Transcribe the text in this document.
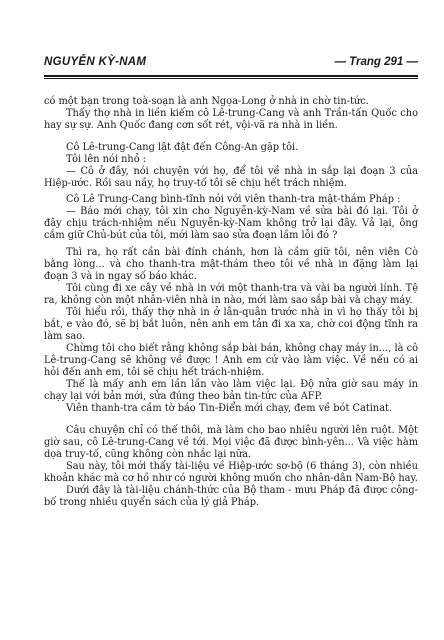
NGUYỄN KỲ-NAM	— Trang 291 —

có một bạn trong toà-soạn là anh Ngọa-Long ở nhà in chờ tin-tức.

Thấy thợ nhà in liền kiếm cô Lê-trung-Cang và anh Trần-tấn Quốc cho hay sự sự. Anh Quốc đang cơn sốt rét, vội-vã ra nhà in liền.

Cô Lê-trung-Cang lật đật đến Công-An gặp tôi.

Tôi lên nói nhỏ :

— Cô ở đây, nói chuyện với họ, để tôi về nhà in sắp lại đoạn 3 của Hiệp-ước. Rồi sau nầy, họ truy-tố tôi sẽ chịu hết trách nhiệm.

Cô Lê Trung-Cang bình-tĩnh nói với viên thanh-tra mật-thám Pháp :

— Báo mới chạy, tôi xin cho Nguyễn-kỳ-Nam về sửa bài đó lại. Tôi ở đây chịu trách-nhiệm nếu Nguyễn-kỳ-Nam không trở lại đây. Vả lại, ông cắm giữ Chủ-bút của tôi, mới làm sao sửa đoạn lầm lỗi đó ?

Thì ra, họ rất cần bài đính chánh, hơn là cầm giữ tôi, nên viên Cò bằng lòng... và cho thanh-tra mật-thám theo tôi về nhà in đặng làm lại đoạn 3 và in ngay số báo khác.

Tôi cùng đi xe cây về nhà in với một thanh-tra và vài ba người lính. Tệ ra, không còn một nhân-viên nhà in nào, mới làm sao sắp bài và chạy máy.

Tôi hiểu rồi, thấy thợ nhà in ở lân-quân trước nhà in vì họ thấy tôi bị bắt, e vào đó, sẽ bị bắt luôn, nên anh em tản đi xa xa, chờ coi động tĩnh ra làm sao.

Chừng tôi cho biết rằng không sắp bài bán, không chạy máy in..., là cô Lê-trung-Cang sẽ không về được ! Anh em cứ vào làm việc. Về nếu có ai hỏi đến anh em, tôi sẽ chịu hết trách-nhiệm.

Thế là mấy anh em lần lần vào làm việc lại. Độ nửa giờ sau máy in chạy lại với bản mới, sửa đúng theo bản tin-tức của AFP.

Viên thanh-tra cầm tờ báo Tin-Điển mới chạy, đem về bót Catinat.

Câu chuyện chỉ có thế thôi, mà làm cho bao nhiêu người lên ruột. Một giờ sau, cô Lê-trung-Cang về tới. Mọi việc đã được bình-yên... Và việc hàm dọa truy-tố, cũng không còn nhắc lại nữa.

Sau này, tôi mới thấy tài-liệu về Hiệp-ước sơ-bộ (6 tháng 3), còn nhiều khoản khác mà cơ hồ như có người không muốn cho nhân-dân Nam-Bộ hay.

Dưới đây là tài-liệu chánh-thức của Bộ tham - mưu Pháp đã được công-bố trong nhiều quyển sách của lý giả Pháp.
